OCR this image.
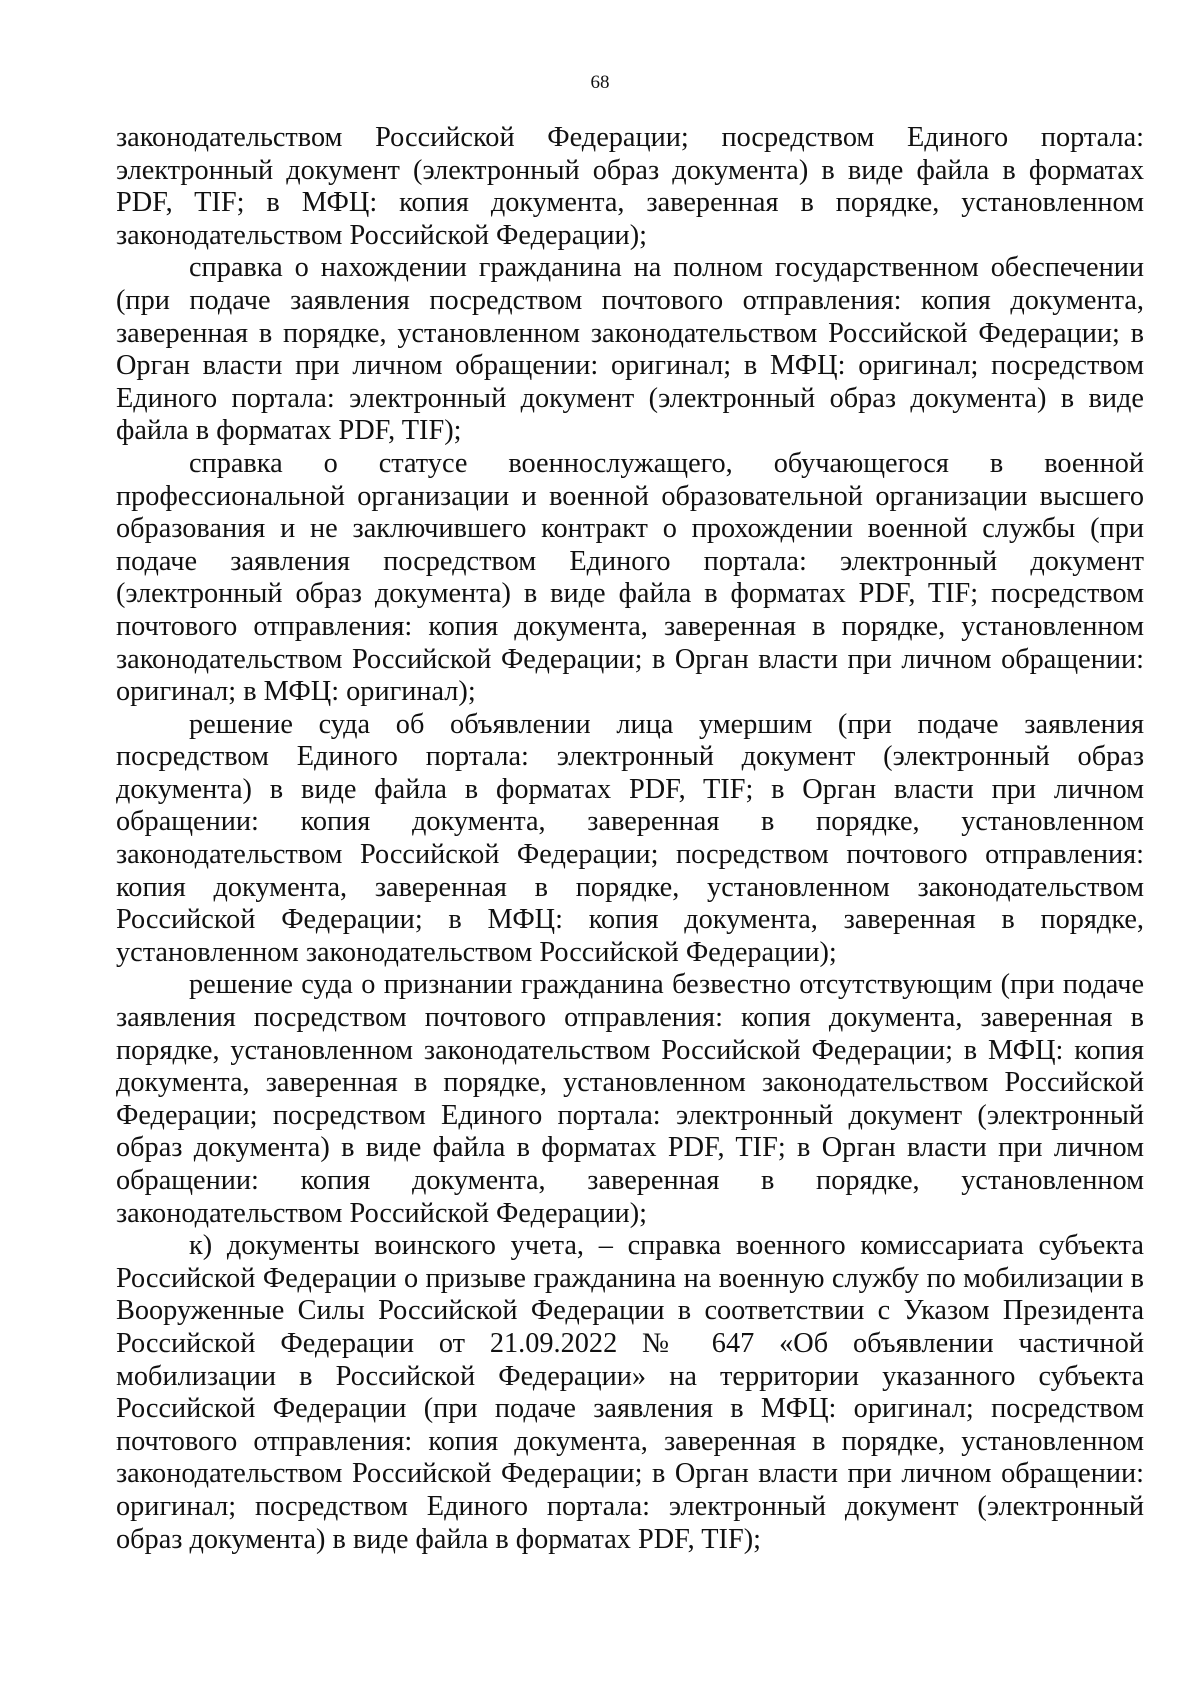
68

законодательством Российской Федерации; посредством Единого портала: электронный документ (электронный образ документа) в виде файла в форматах PDF, TIF; в МФЦ: копия документа, заверенная в порядке, установленном законодательством Российской Федерации);

справка о нахождении гражданина на полном государственном обеспечении (при подаче заявления посредством почтового отправления: копия документа, заверенная в порядке, установленном законодательством Российской Федерации; в Орган власти при личном обращении: оригинал; в МФЦ: оригинал; посредством Единого портала: электронный документ (электронный образ документа) в виде файла в форматах PDF, TIF);

справка о статусе военнослужащего, обучающегося в военной профессиональной организации и военной образовательной организации высшего образования и не заключившего контракт о прохождении военной службы (при подаче заявления посредством Единого портала: электронный документ (электронный образ документа) в виде файла в форматах PDF, TIF; посредством почтового отправления: копия документа, заверенная в порядке, установленном законодательством Российской Федерации; в Орган власти при личном обращении: оригинал; в МФЦ: оригинал);

решение суда об объявлении лица умершим (при подаче заявления посредством Единого портала: электронный документ (электронный образ документа) в виде файла в форматах PDF, TIF; в Орган власти при личном обращении: копия документа, заверенная в порядке, установленном законодательством Российской Федерации; посредством почтового отправления: копия документа, заверенная в порядке, установленном законодательством Российской Федерации; в МФЦ: копия документа, заверенная в порядке, установленном законодательством Российской Федерации);

решение суда о признании гражданина безвестно отсутствующим (при подаче заявления посредством почтового отправления: копия документа, заверенная в порядке, установленном законодательством Российской Федерации; в МФЦ: копия документа, заверенная в порядке, установленном законодательством Российской Федерации; посредством Единого портала: электронный документ (электронный образ документа) в виде файла в форматах PDF, TIF; в Орган власти при личном обращении: копия документа, заверенная в порядке, установленном законодательством Российской Федерации);

к) документы воинского учета, – справка военного комиссариата субъекта Российской Федерации о призыве гражданина на военную службу по мобилизации в Вооруженные Силы Российской Федерации в соответствии с Указом Президента Российской Федерации от 21.09.2022 № 647 «Об объявлении частичной мобилизации в Российской Федерации» на территории указанного субъекта Российской Федерации (при подаче заявления в МФЦ: оригинал; посредством почтового отправления: копия документа, заверенная в порядке, установленном законодательством Российской Федерации; в Орган власти при личном обращении: оригинал; посредством Единого портала: электронный документ (электронный образ документа) в виде файла в форматах PDF, TIF);
